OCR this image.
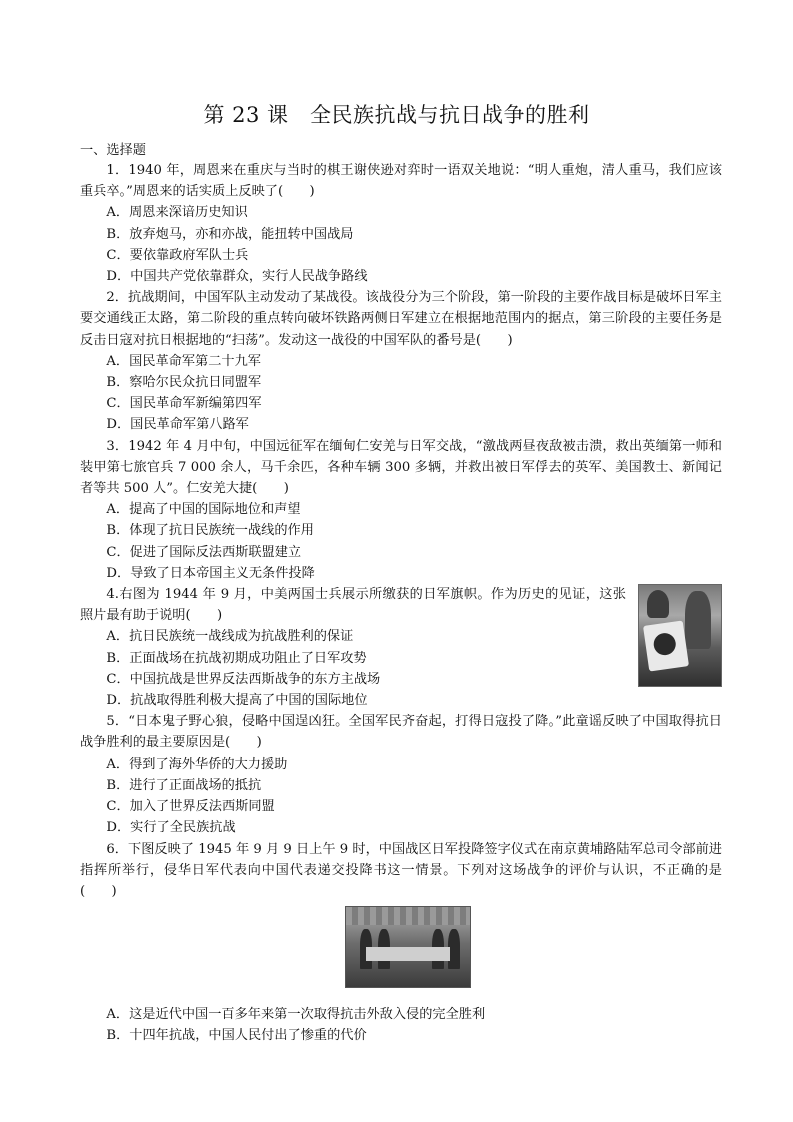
第 23 课　全民族抗战与抗日战争的胜利
一、选择题

1．1940 年，周恩来在重庆与当时的棋王谢侠逊对弈时一语双关地说：“明人重炮，清人重马，我们应该重兵卒。”周恩来的话实质上反映了(　　)

A．周恩来深谙历史知识

B．放弃炮马，亦和亦战，能扭转中国战局

C．要依靠政府军队士兵

D．中国共产党依靠群众，实行人民战争路线

2．抗战期间，中国军队主动发动了某战役。该战役分为三个阶段，第一阶段的主要作战目标是破坏日军主要交通线正太路，第二阶段的重点转向破坏铁路两侧日军建立在根据地范围内的据点，第三阶段的主要任务是反击日寇对抗日根据地的“扫荡”。发动这一战役的中国军队的番号是(　　)

A．国民革命军第二十九军

B．察哈尔民众抗日同盟军

C．国民革命军新编第四军

D．国民革命军第八路军

3．1942 年 4 月中旬，中国远征军在缅甸仁安羌与日军交战，“激战两昼夜敌被击溃，救出英缅第一师和装甲第七旅官兵 7 000 余人，马千余匹，各种车辆 300 多辆，并救出被日军俘去的英军、美国教士、新闻记者等共 500 人”。仁安羌大捷(　　)

A．提高了中国的国际地位和声望

B．体现了抗日民族统一战线的作用

C．促进了国际反法西斯联盟建立

D．导致了日本帝国主义无条件投降

4.右图为 1944 年 9 月，中美两国士兵展示所缴获的日军旗帜。作为历史的见证，这张照片最有助于说明(　　)

A．抗日民族统一战线成为抗战胜利的保证

B．正面战场在抗战初期成功阻止了日军攻势

C．中国抗战是世界反法西斯战争的东方主战场

D．抗战取得胜利极大提高了中国的国际地位

5．“日本鬼子野心狼，侵略中国逞凶狂。全国军民齐奋起，打得日寇投了降。”此童谣反映了中国取得抗日战争胜利的最主要原因是(　　)

A．得到了海外华侨的大力援助

B．进行了正面战场的抵抗

C．加入了世界反法西斯同盟

D．实行了全民族抗战

6．下图反映了 1945 年 9 月 9 日上午 9 时，中国战区日军投降签字仪式在南京黄埔路陆军总司令部前进指挥所举行，侵华日军代表向中国代表递交投降书这一情景。下列对这场战争的评价与认识，不正确的是(　　)

A．这是近代中国一百多年来第一次取得抗击外敌入侵的完全胜利

B．十四年抗战，中国人民付出了惨重的代价
